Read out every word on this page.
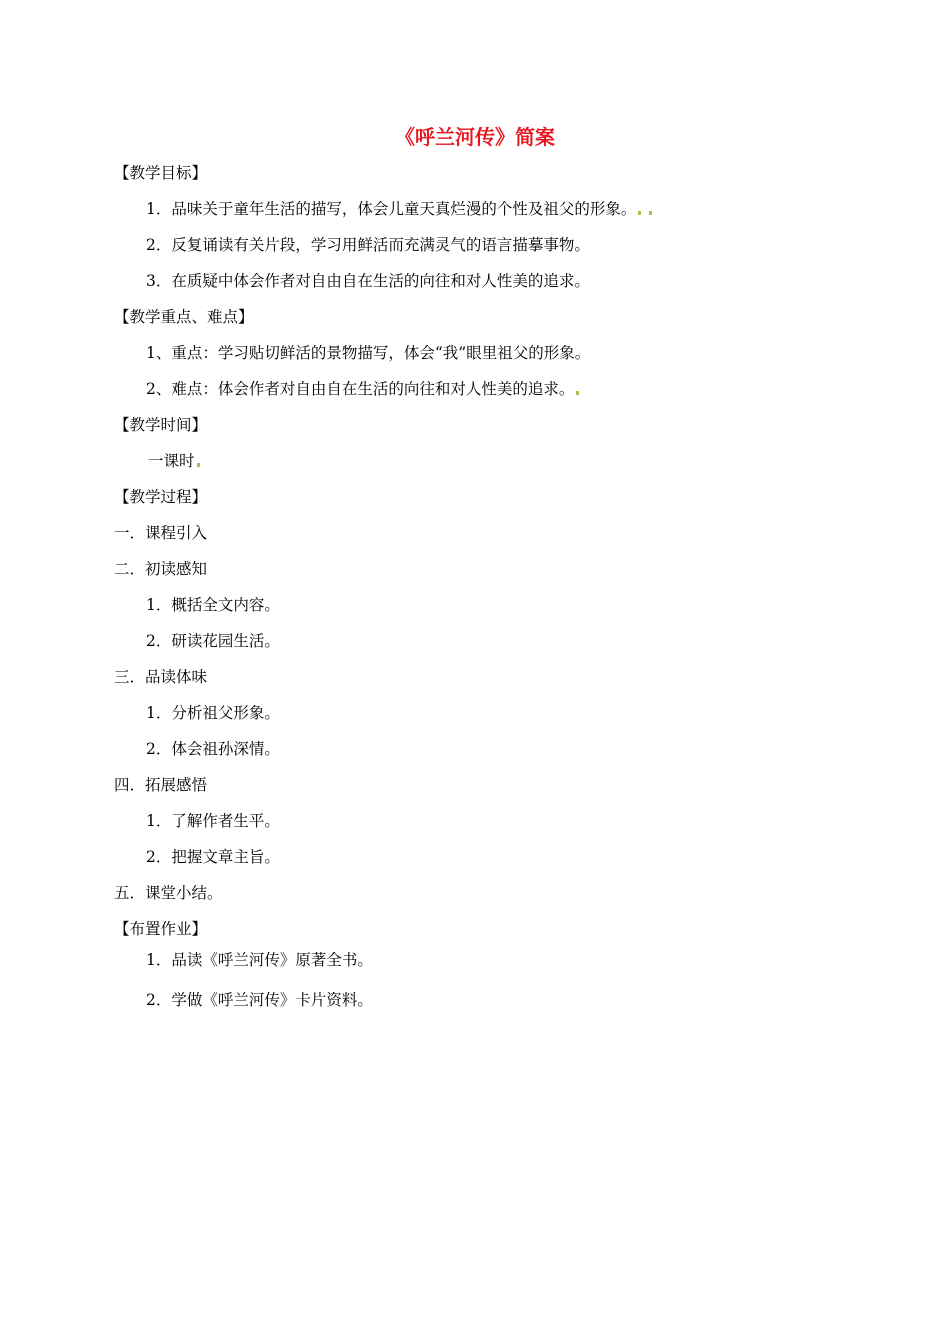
《呼兰河传》简案
【教学目标】
1．品味关于童年生活的描写，体会儿童天真烂漫的个性及祖父的形象。
2．反复诵读有关片段，学习用鲜活而充满灵气的语言描摹事物。
3．在质疑中体会作者对自由自在生活的向往和对人性美的追求。
【教学重点、难点】
1、重点：学习贴切鲜活的景物描写，体会“我”眼里祖父的形象。
2、难点：体会作者对自由自在生活的向往和对人性美的追求。
【教学时间】
一课时
【教学过程】
一．课程引入
二．初读感知
1．概括全文内容。
2．研读花园生活。
三．品读体味
1．分析祖父形象。
2．体会祖孙深情。
四．拓展感悟
1．了解作者生平。
2．把握文章主旨。
五．课堂小结。
【布置作业】
1．品读《呼兰河传》原著全书。
2．学做《呼兰河传》卡片资料。
